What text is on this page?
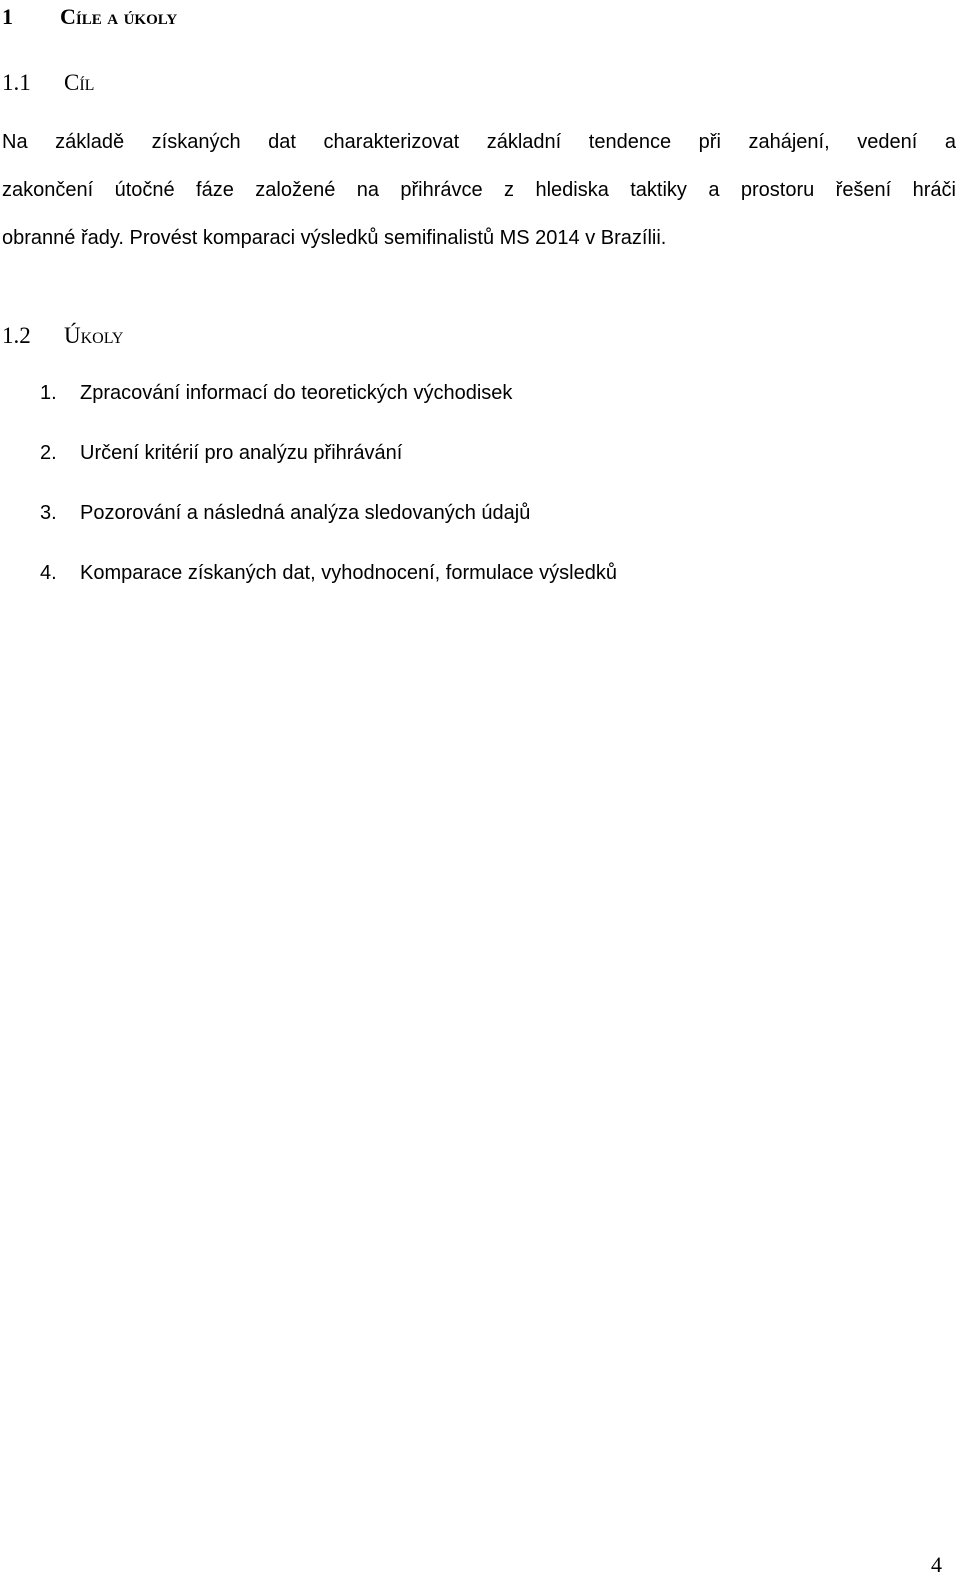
1 Cíle a úkoly
1.1 Cíl
Na základě získaných dat charakterizovat základní tendence při zahájení, vedení a
zakončení útočné fáze založené na přihrávce z hlediska taktiky a prostoru řešení hráči
obranné řady. Provést komparaci výsledků semifinalistů MS 2014 v Brazílii.
1.2 Úkoly
1. Zpracování informací do teoretických východisek
2. Určení kritérií pro analýzu přihrávání
3. Pozorování a následná analýza sledovaných údajů
4. Komparace získaných dat, vyhodnocení, formulace výsledků
4
